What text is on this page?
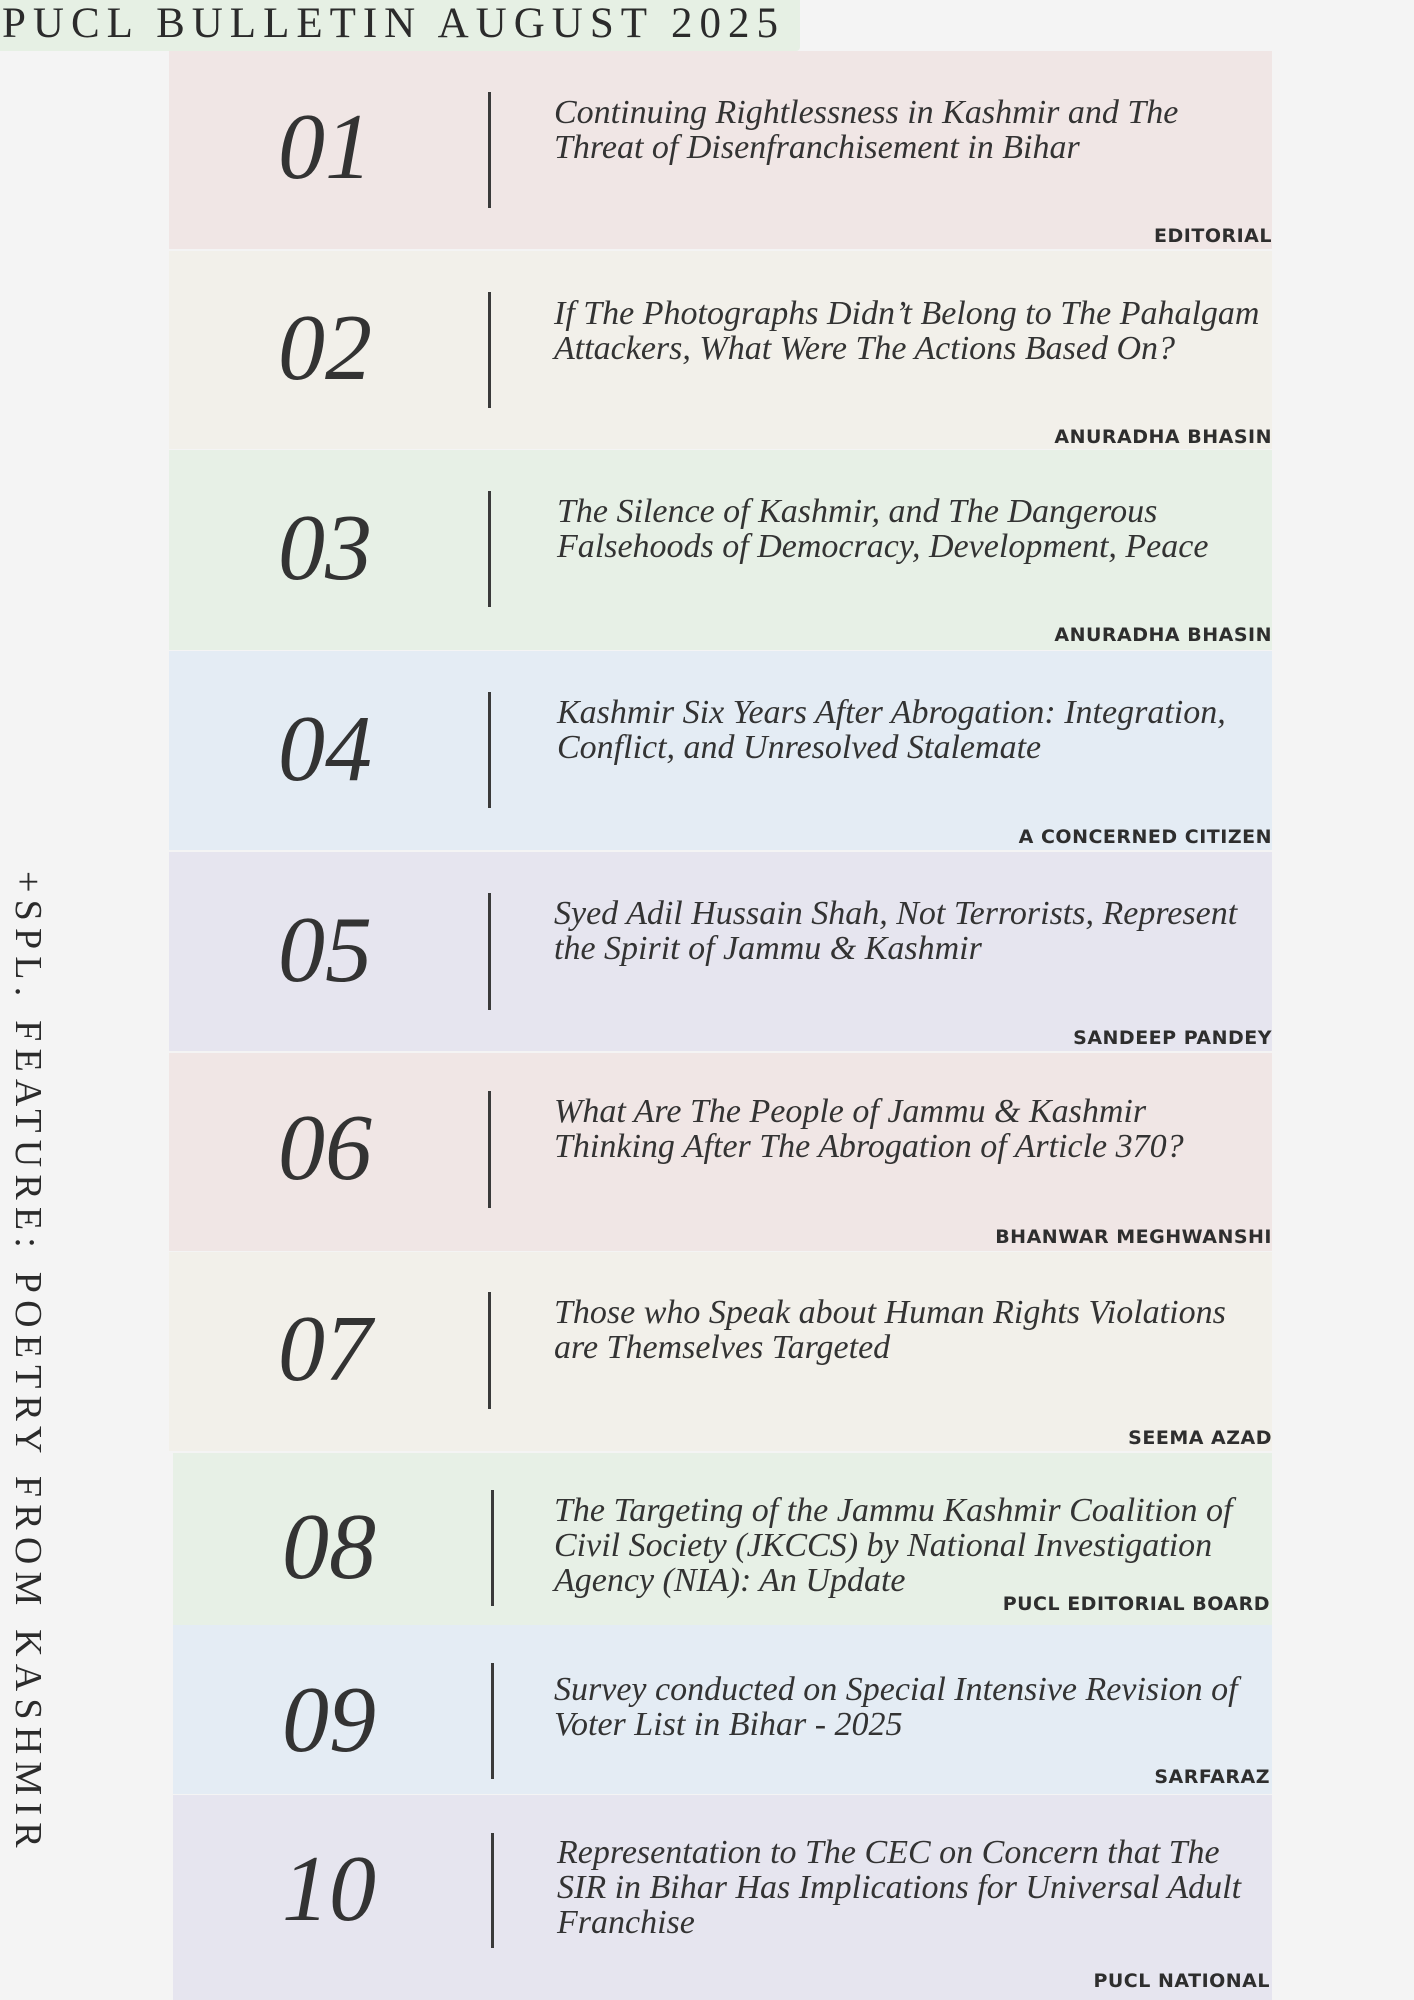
PUCL BULLETIN AUGUST 2025
+SPL. FEATURE: POETRY FROM KASHMIR
01	Continuing Rightlessness in Kashmir and The Threat of Disenfranchisement in Bihar
EDITORIAL
02	If The Photographs Didn’t Belong to The Pahalgam Attackers, What Were The Actions Based On?
ANURADHA BHASIN
03	The Silence of Kashmir, and The Dangerous Falsehoods of Democracy, Development, Peace
ANURADHA BHASIN
04	Kashmir Six Years After Abrogation: Integration, Conflict, and Unresolved Stalemate
A CONCERNED CITIZEN
05	Syed Adil Hussain Shah, Not Terrorists, Represent the Spirit of Jammu & Kashmir
SANDEEP PANDEY
06	What Are The People of Jammu & Kashmir Thinking After The Abrogation of Article 370?
BHANWAR MEGHWANSHI
07	Those who Speak about Human Rights Violations are Themselves Targeted
SEEMA AZAD
08	The Targeting of the Jammu Kashmir Coalition of Civil Society (JKCCS) by National Investigation Agency (NIA): An Update
PUCL EDITORIAL BOARD
09	Survey conducted on Special Intensive Revision of Voter List in Bihar - 2025
SARFARAZ
10	Representation to The CEC on Concern that The SIR in Bihar Has Implications for Universal Adult Franchise
PUCL NATIONAL
